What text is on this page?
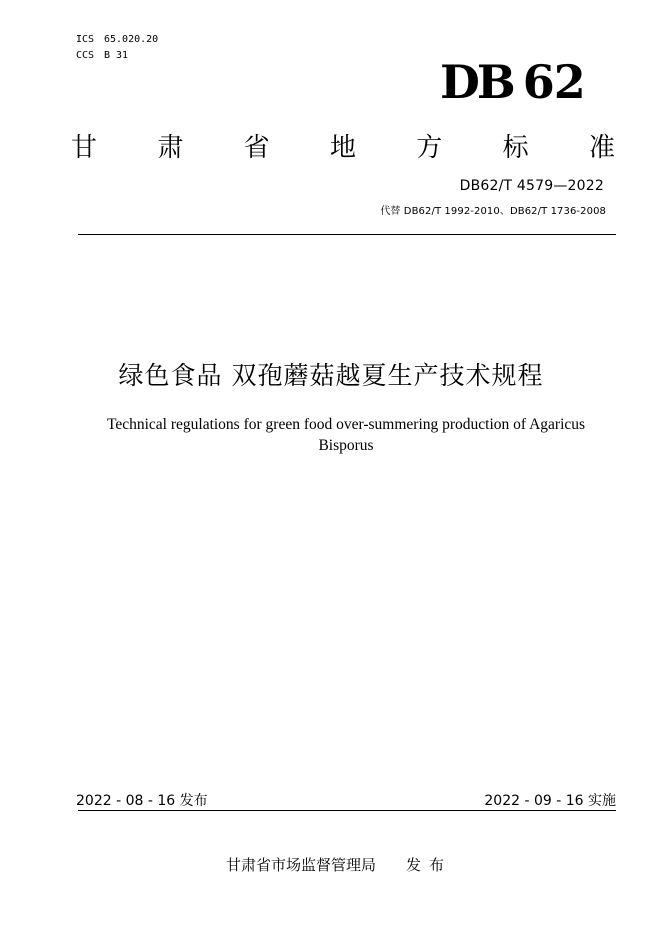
ICS 65.020.20
CCS B 31	DB 62
甘 肃 省 地 方 标 准
DB62/T 4579—2022
代替 DB62/T 1992-2010、DB62/T 1736-2008
绿色食品 双孢蘑菇越夏生产技术规程
Technical regulations for green food over-summering production of Agaricus Bisporus
2022 - 08 - 16 发布	2022 - 09 - 16 实施
甘肃省市场监督管理局 发布
